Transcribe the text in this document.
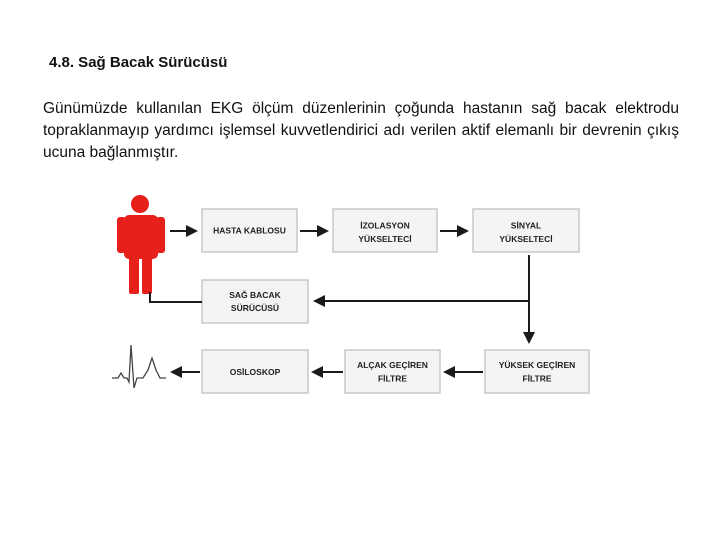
4.8. Sağ Bacak Sürücüsü

Günümüzde kullanılan EKG ölçüm düzenlerinin çoğunda hastanın sağ bacak elektrodu topraklanmayıp yardımcı işlemsel kuvvetlendirici adı verilen aktif elemanlı bir devrenin çıkış ucuna bağlanmıştır.

HASTA KABLOSU	İZOLASYON
YÜKSELTECİ
SİNYAL
YÜKSELTECİ
SAĞ BACAK
SÜRÜCÜSÜ
YÜKSEK GEÇİREN
FİLTRE
ALÇAK GEÇİREN
FİLTRE
OSİLOSKOP
